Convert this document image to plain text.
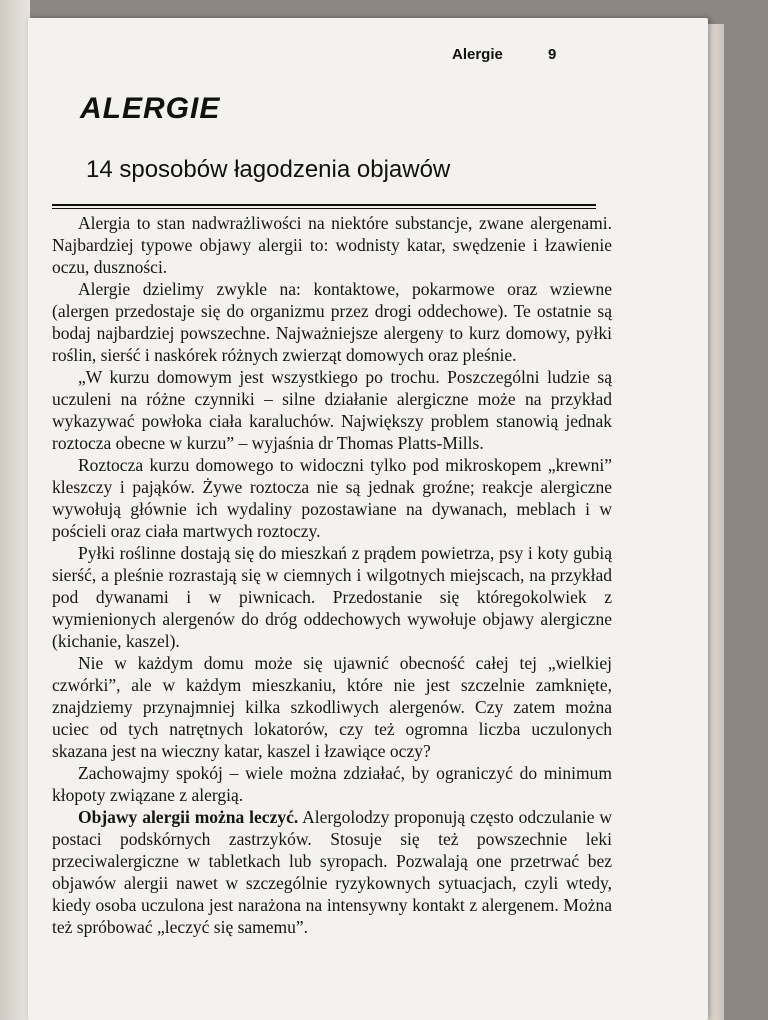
Alergie	9
ALERGIE
14 sposobów łagodzenia objawów

Alergia to stan nadwrażliwości na niektóre substancje, zwane alergenami. Najbardziej typowe objawy alergii to: wodnisty katar, swędzenie i łzawienie oczu, duszności.

Alergie dzielimy zwykle na: kontaktowe, pokarmowe oraz wziewne (alergen przedostaje się do organizmu przez drogi oddechowe). Te ostatnie są bodaj najbardziej powszechne. Najważniejsze alergeny to kurz domowy, pyłki roślin, sierść i naskórek różnych zwierząt domowych oraz pleśnie.

„W kurzu domowym jest wszystkiego po trochu. Poszczególni ludzie są uczuleni na różne czynniki – silne działanie alergiczne może na przykład wykazywać powłoka ciała karaluchów. Największy problem stanowią jednak roztocza obecne w kurzu” – wyjaśnia dr Thomas Platts-Mills.

Roztocza kurzu domowego to widoczni tylko pod mikroskopem „krewni” kleszczy i pająków. Żywe roztocza nie są jednak groźne; reakcje alergiczne wywołują głównie ich wydaliny pozostawiane na dywanach, meblach i w pościeli oraz ciała martwych roztoczy.

Pyłki roślinne dostają się do mieszkań z prądem powietrza, psy i koty gubią sierść, a pleśnie rozrastają się w ciemnych i wilgotnych miejscach, na przykład pod dywanami i w piwnicach. Przedostanie się któregokolwiek z wymienionych alergenów do dróg oddechowych wywołuje objawy alergiczne (kichanie, kaszel).

Nie w każdym domu może się ujawnić obecność całej tej „wielkiej czwórki”, ale w każdym mieszkaniu, które nie jest szczelnie zamknięte, znajdziemy przynajmniej kilka szkodliwych alergenów. Czy zatem można uciec od tych natrętnych lokatorów, czy też ogromna liczba uczulonych skazana jest na wieczny katar, kaszel i łzawiące oczy?

Zachowajmy spokój – wiele można zdziałać, by ograniczyć do minimum kłopoty związane z alergią.

Objawy alergii można leczyć. Alergolodzy proponują często odczulanie w postaci podskórnych zastrzyków. Stosuje się też powszechnie leki przeciwalergiczne w tabletkach lub syropach. Pozwalają one przetrwać bez objawów alergii nawet w szczególnie ryzykownych sytuacjach, czyli wtedy, kiedy osoba uczulona jest narażona na intensywny kontakt z alergenem. Można też spróbować „leczyć się samemu”.
